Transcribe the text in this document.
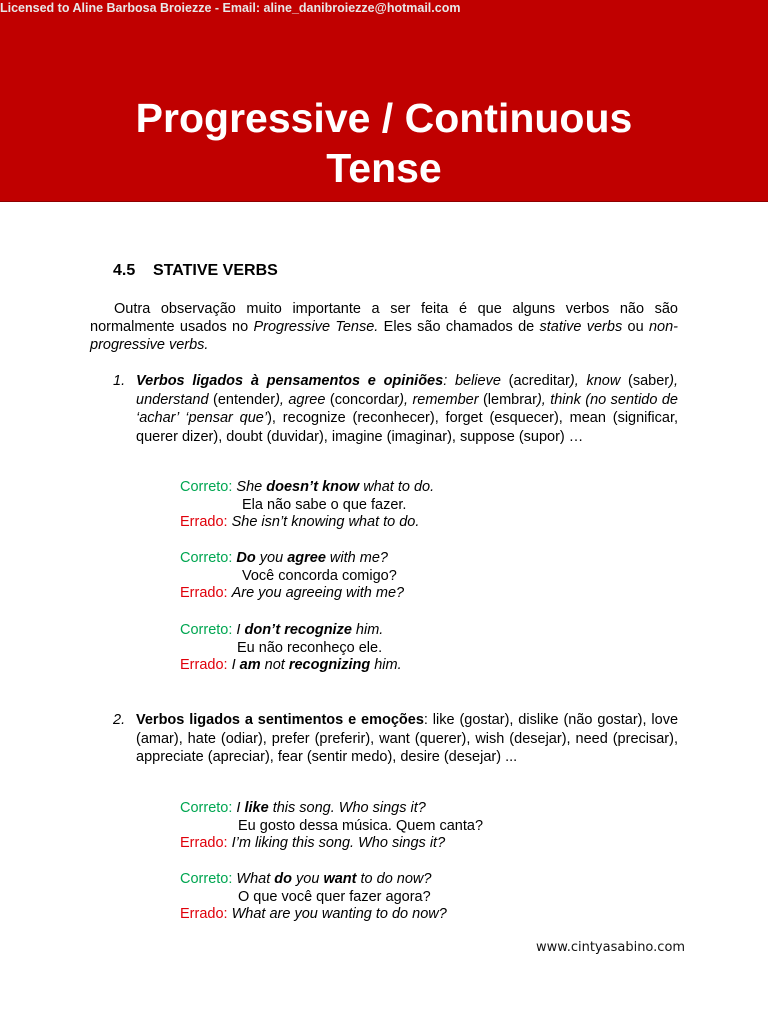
Progressive / Continuous
Tense
Licensed to Aline Barbosa Broiezze - Email: aline_danibroiezze@hotmail.com
4.5 STATIVE VERBS
Outra observação muito importante a ser feita é que alguns verbos não são normalmente usados no Progressive Tense. Eles são chamados de stative verbs ou non-progressive verbs.
1. Verbos ligados à pensamentos e opiniões: believe (acreditar), know (saber), understand (entender), agree (concordar), remember (lembrar), think (no sentido de ‘achar’ ‘pensar que’), recognize (reconhecer), forget (esquecer), mean (significar, querer dizer), doubt (duvidar), imagine (imaginar), suppose (supor) …
Correto: She doesn’t know what to do.
Ela não sabe o que fazer.
Errado: She isn’t knowing what to do.
Correto: Do you agree with me?
Você concorda comigo?
Errado: Are you agreeing with me?
Correto: I don’t recognize him.
Eu não reconheço ele.
Errado: I am not recognizing him.
2. Verbos ligados a sentimentos e emoções: like (gostar), dislike (não gostar), love (amar), hate (odiar), prefer (preferir), want (querer), wish (desejar), need (precisar), appreciate (apreciar), fear (sentir medo), desire (desejar) ...
Correto: I like this song. Who sings it?
Eu gosto dessa música. Quem canta?
Errado: I’m liking this song. Who sings it?
Correto: What do you want to do now?
O que você quer fazer agora?
Errado: What are you wanting to do now?
www.cintyasabino.com
